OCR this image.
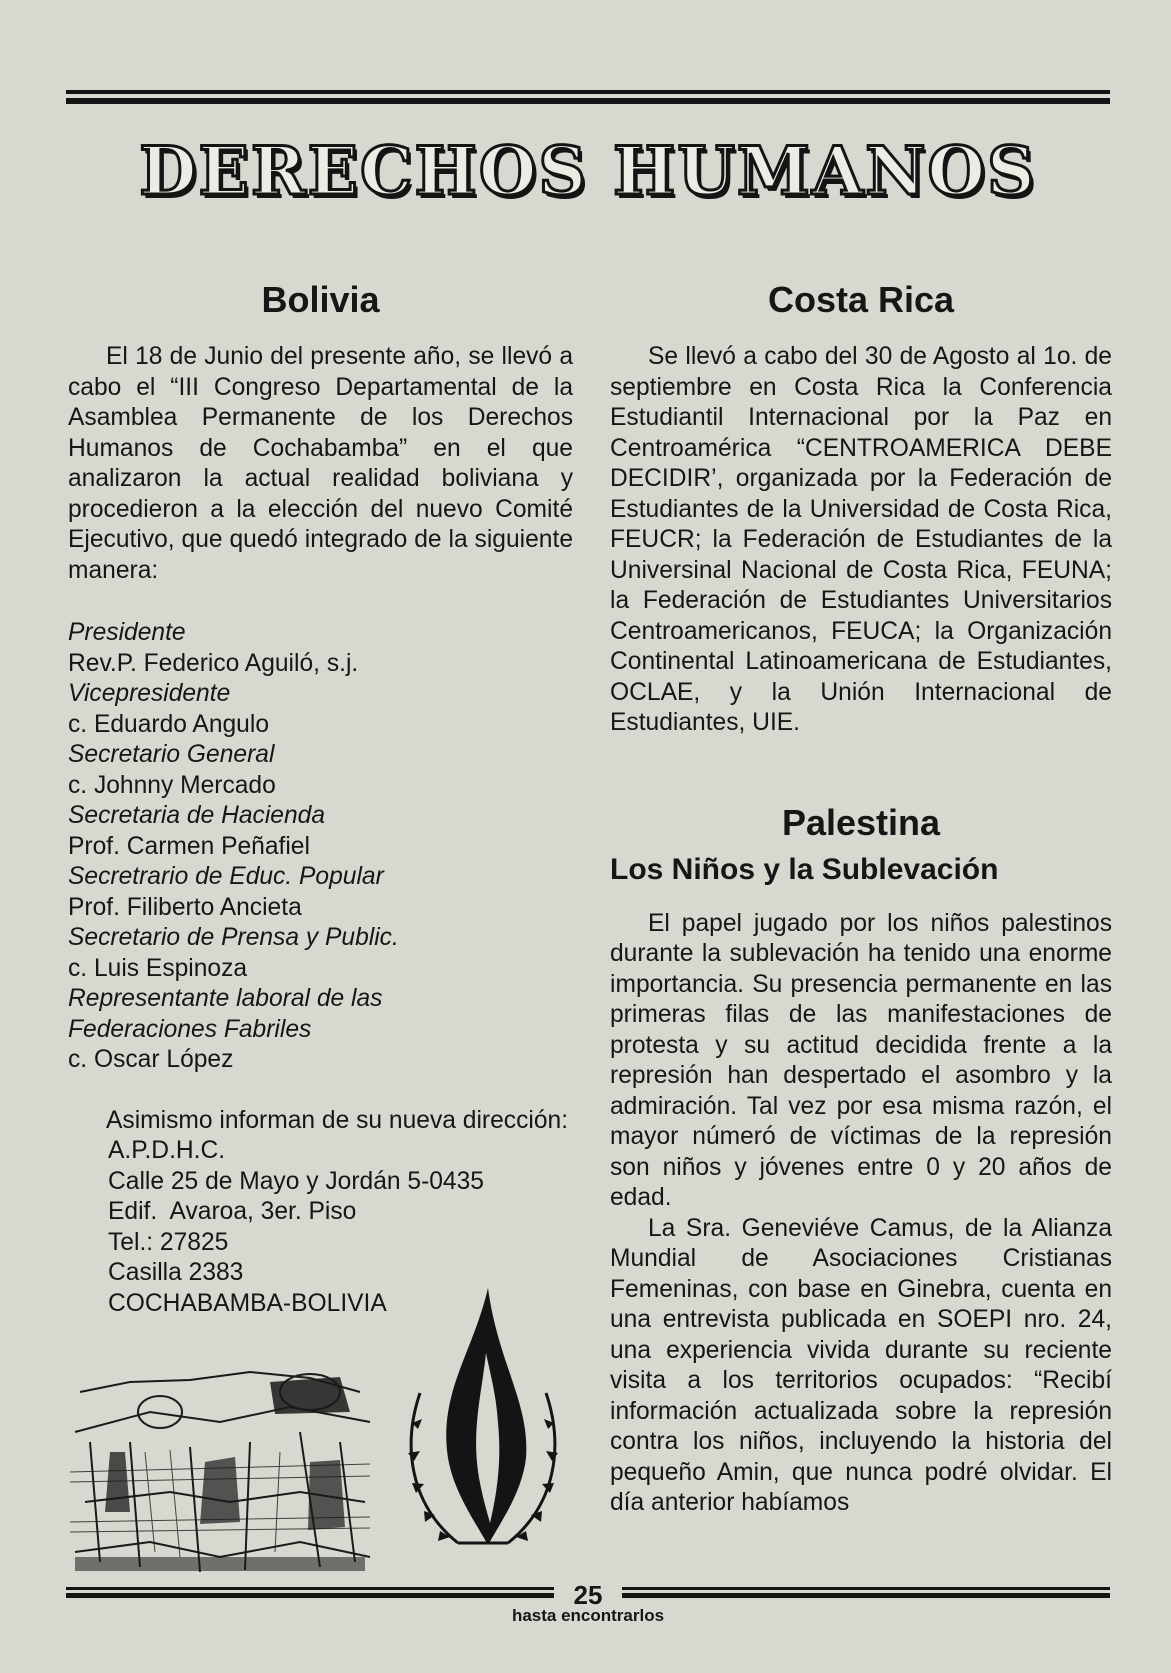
DERECHOS HUMANOS
Bolivia

El 18 de Junio del presente año, se llevó a cabo el “III Congreso Departamental de la Asamblea Permanente de los Derechos Humanos de Cochabamba” en el que analizaron la actual realidad boliviana y procedieron a la elección del nuevo Comité Ejecutivo, que quedó integrado de la siguiente manera:

Presidente
Rev.P. Federico Aguiló, s.j.
Vicepresidente
c. Eduardo Angulo
Secretario General
c. Johnny Mercado
Secretaria de Hacienda
Prof. Carmen Peñafiel
Secretrario de Educ. Popular
Prof. Filiberto Ancieta
Secretario de Prensa y Public.
c. Luis Espinoza
Representante laboral de las Federaciones Fabriles
c. Oscar López

Asimismo informan de su nueva dirección:

A.P.D.H.C.
Calle 25 de Mayo y Jordán 5-0435
Edif.  Avaroa, 3er. Piso
Tel.: 27825
Casilla 2383
COCHABAMBA-BOLIVIA
Costa Rica

Se llevó a cabo del 30 de Agosto al 1o. de septiembre en Costa Rica la Conferencia Estudiantil Internacional por la Paz en Centroamérica “CENTROAMERICA DEBE DECIDIR’, organizada por la Federación de Estudiantes de la Universidad de Costa Rica, FEUCR; la Federación de Estudiantes de la Universinal Nacional de Costa Rica, FEUNA; la Federación de Estudiantes Universitarios Centroamericanos, FEUCA; la Organización Continental Latinoamericana de Estudiantes, OCLAE, y la Unión Internacional de Estudiantes, UIE.

Palestina
Los Niños y la Sublevación

El papel jugado por los niños palestinos durante la sublevación ha tenido una enorme importancia. Su presencia permanente en las primeras filas de las manifestaciones de protesta y su actitud decidida frente a la represión han despertado el asombro y la admiración. Tal vez por esa misma razón, el mayor númeró de víctimas de la represión son niños y jóvenes entre 0 y 20 años de edad.

La Sra. Geneviéve Camus, de la Alianza Mundial de Asociaciones Cristianas Femeninas, con base en Ginebra, cuenta en una entrevista publicada en SOEPI nro. 24, una experiencia vivida durante su reciente visita a los territorios ocupados: “Recibí información actualizada sobre la represión contra los niños, incluyendo la historia del pequeño Amin, que nunca podré olvidar. El día anterior habíamos

25
hasta encontrarlos
